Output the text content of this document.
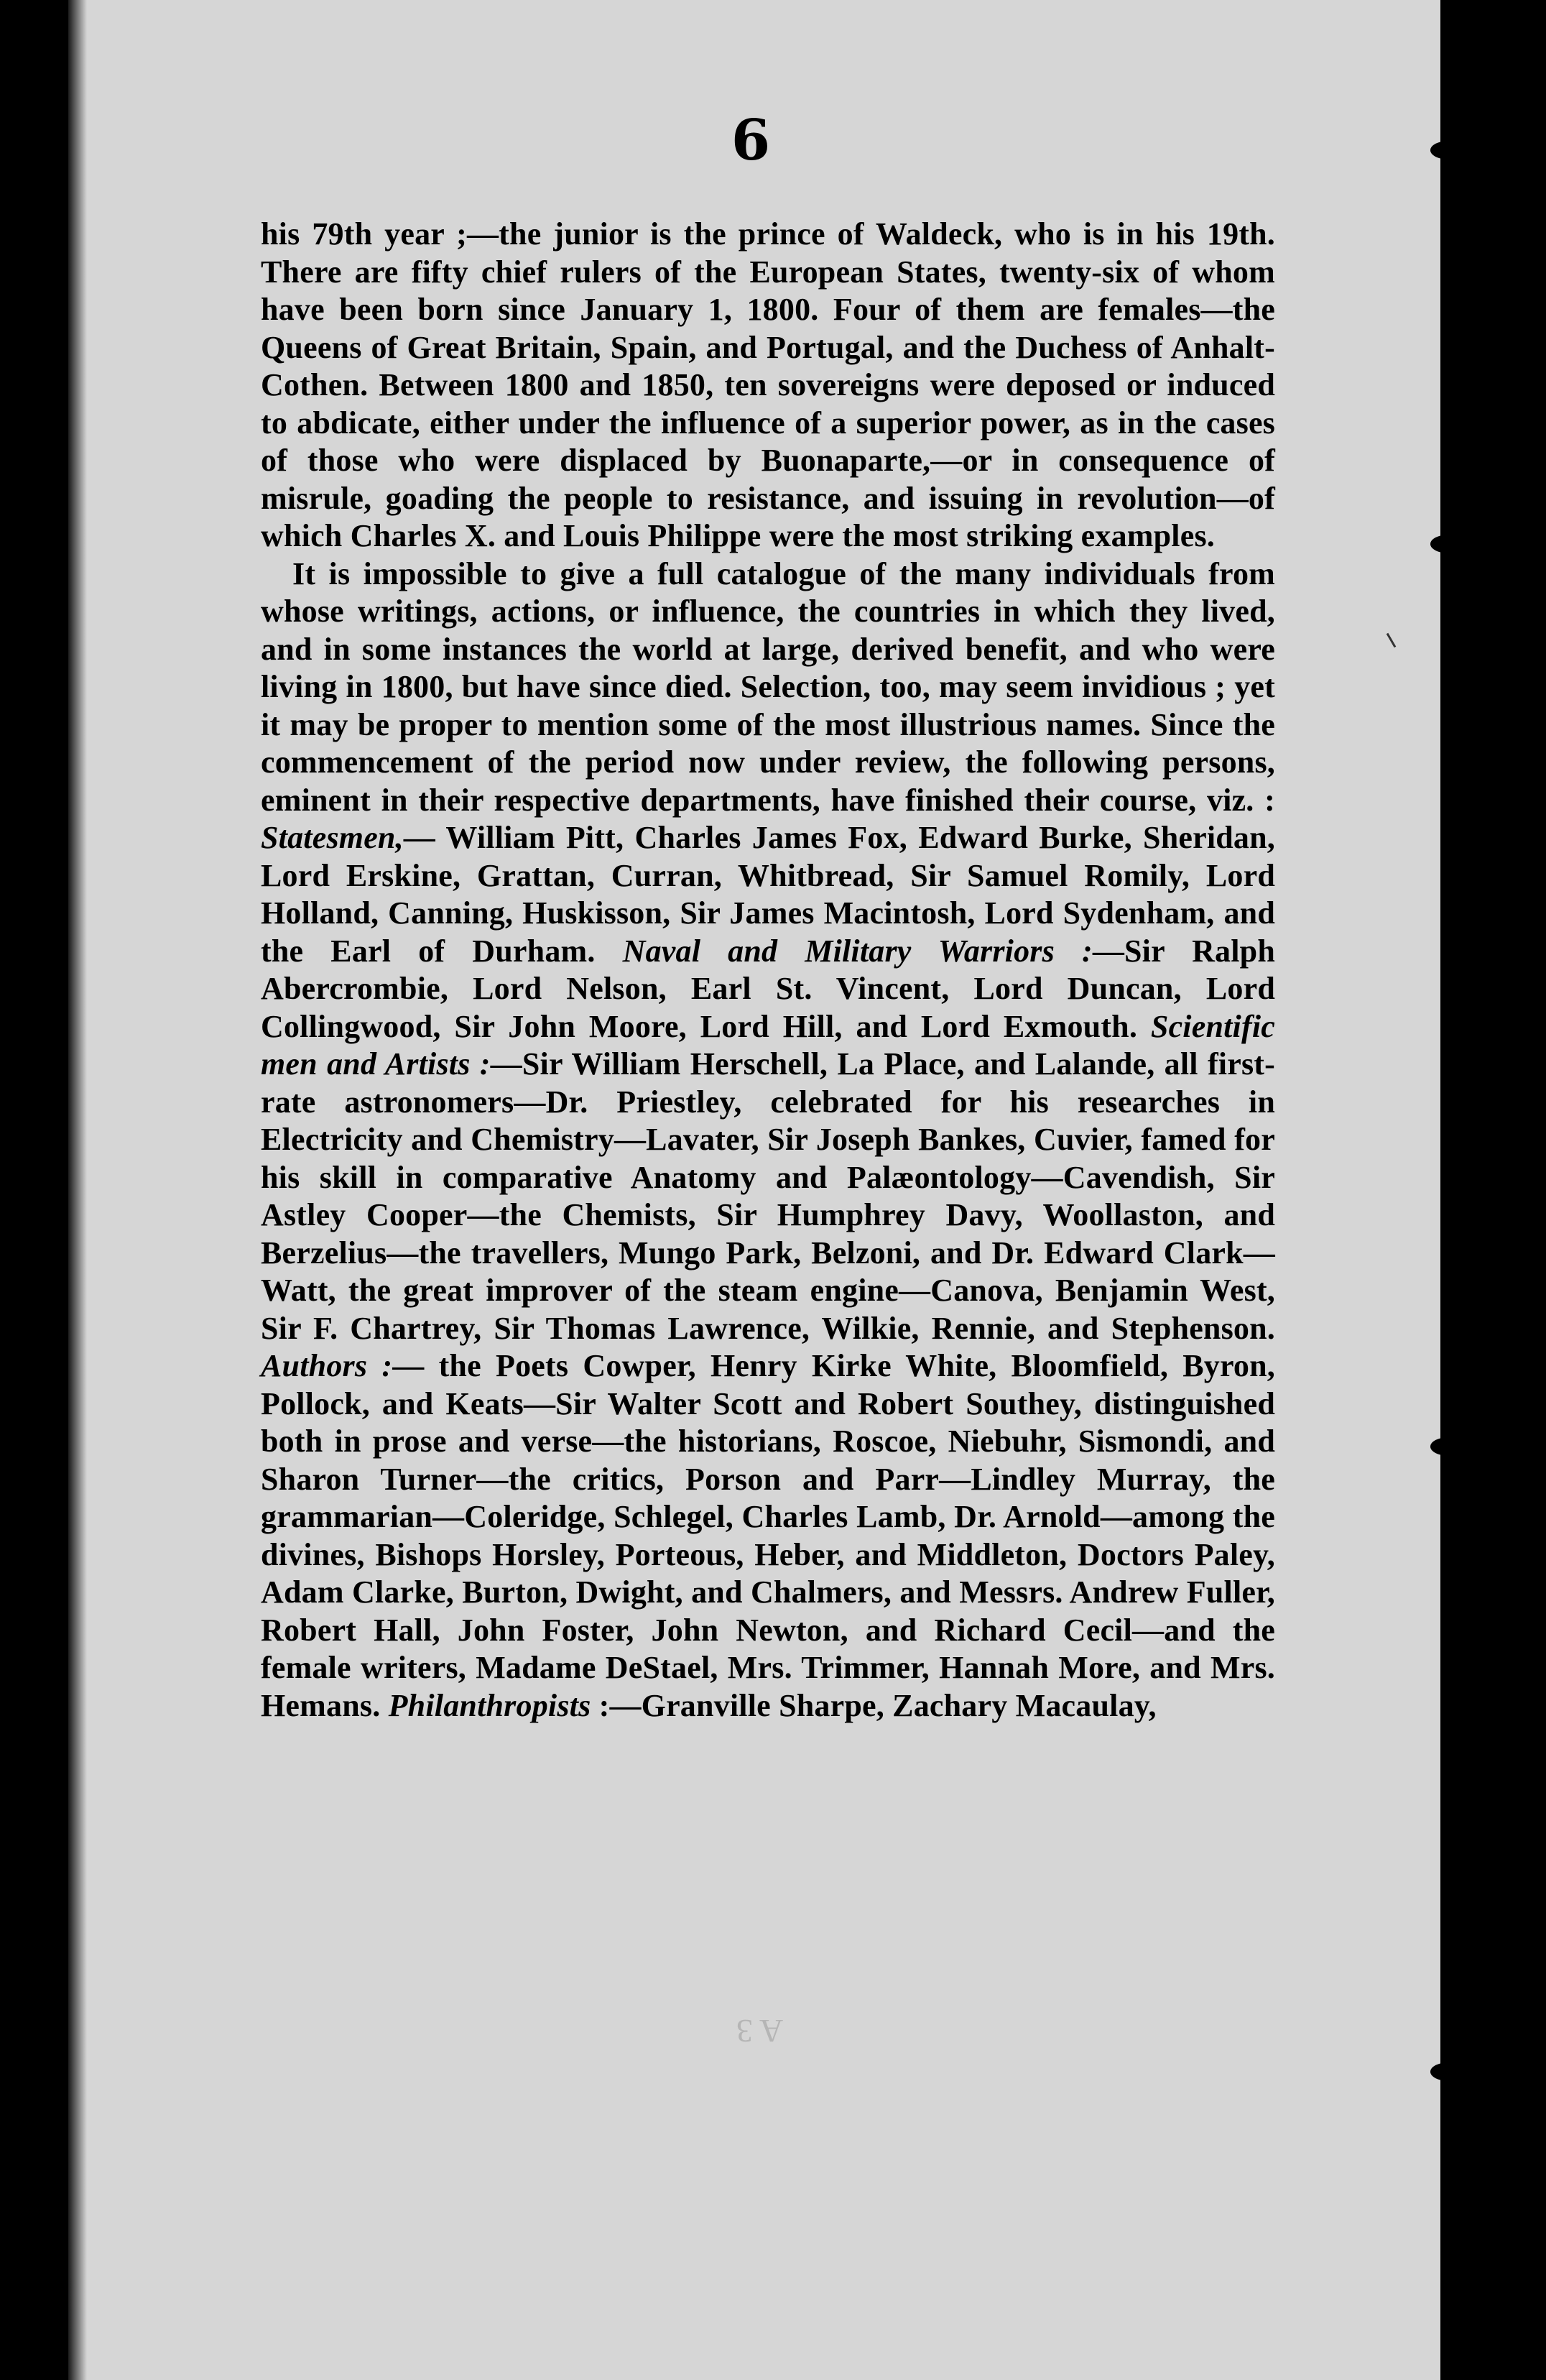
6

his 79th year ;—the junior is the prince of Waldeck, who is in his 19th. There are fifty chief rulers of the European States, twenty-six of whom have been born since January 1, 1800. Four of them are females—the Queens of Great Britain, Spain, and Portugal, and the Duchess of Anhalt-Cothen. Between 1800 and 1850, ten sovereigns were deposed or induced to abdicate, either under the influence of a superior power, as in the cases of those who were displaced by Buonaparte,—or in consequence of misrule, goading the people to resistance, and issuing in revolution—of which Charles X. and Louis Philippe were the most striking examples.

It is impossible to give a full catalogue of the many individuals from whose writings, actions, or influence, the countries in which they lived, and in some instances the world at large, derived benefit, and who were living in 1800, but have since died. Selection, too, may seem invidious ; yet it may be proper to mention some of the most illustrious names. Since the commencement of the period now under review, the following persons, eminent in their respective departments, have finished their course, viz. : Statesmen,— William Pitt, Charles James Fox, Edward Burke, Sheridan, Lord Erskine, Grattan, Curran, Whitbread, Sir Samuel Romily, Lord Holland, Canning, Huskisson, Sir James Macintosh, Lord Sydenham, and the Earl of Durham. Naval and Military Warriors :—Sir Ralph Abercrombie, Lord Nelson, Earl St. Vincent, Lord Duncan, Lord Collingwood, Sir John Moore, Lord Hill, and Lord Exmouth. Scientific men and Artists :—Sir William Herschell, La Place, and Lalande, all first-rate astronomers—Dr. Priestley, celebrated for his researches in Electricity and Chemistry—Lavater, Sir Joseph Bankes, Cuvier, famed for his skill in comparative Anatomy and Palæontology—Cavendish, Sir Astley Cooper—the Chemists, Sir Humphrey Davy, Woollaston, and Berzelius—the travellers, Mungo Park, Belzoni, and Dr. Edward Clark—Watt, the great improver of the steam engine—Canova, Benjamin West, Sir F. Chartrey, Sir Thomas Lawrence, Wilkie, Rennie, and Stephenson. Authors :— the Poets Cowper, Henry Kirke White, Bloomfield, Byron, Pollock, and Keats—Sir Walter Scott and Robert Southey, distinguished both in prose and verse—the historians, Roscoe, Niebuhr, Sismondi, and Sharon Turner—the critics, Porson and Parr—Lindley Murray, the grammarian—Coleridge, Schlegel, Charles Lamb, Dr. Arnold—among the divines, Bishops Horsley, Porteous, Heber, and Middleton, Doctors Paley, Adam Clarke, Burton, Dwight, and Chalmers, and Messrs. Andrew Fuller, Robert Hall, John Foster, John Newton, and Richard Cecil—and the female writers, Madame DeStael, Mrs. Trimmer, Hannah More, and Mrs. Hemans. Philanthropists :—Granville Sharpe, Zachary Macaulay,

A 3
